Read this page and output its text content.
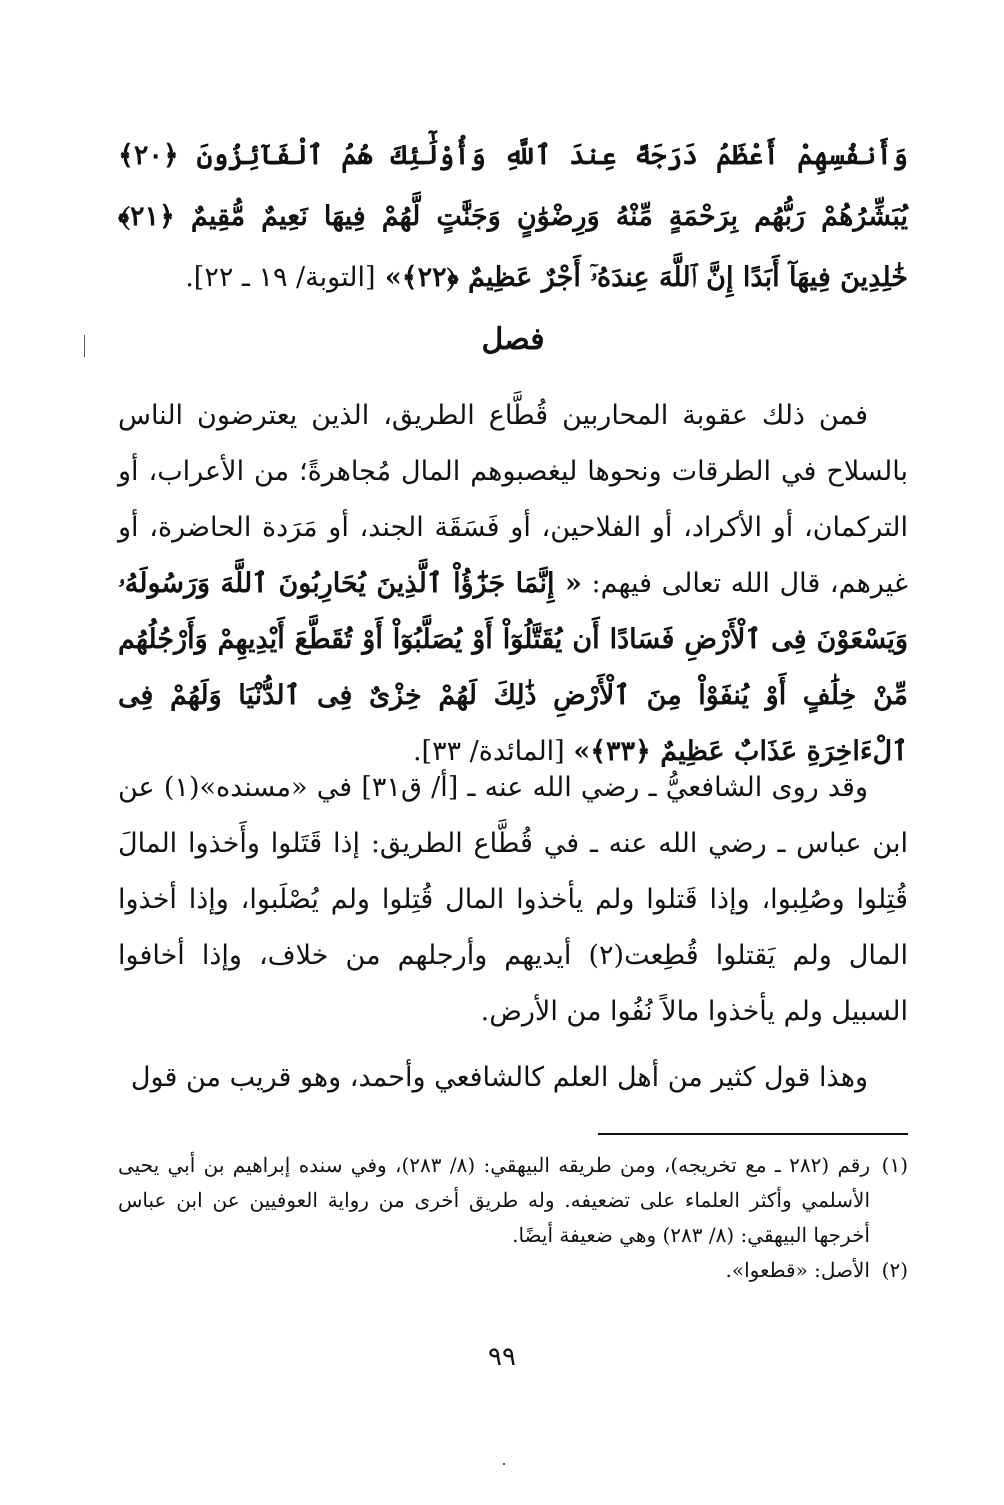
وَأَنفُسِهِمْ أَعْظَمُ دَرَجَةً عِندَ ٱللَّهِ وَأُوْلَٰٓئِكَ هُمُ ٱلْفَآئِزُونَ ﴿٢٠﴾ يُبَشِّرُهُمْ رَبُّهُم بِرَحْمَةٍ مِّنْهُ وَرِضْوَٰنٍ وَجَنَّٰتٍ لَّهُمْ فِيهَا نَعِيمٌ مُّقِيمٌ ﴿٢١﴾ خَٰلِدِينَ فِيهَآ أَبَدًا إِنَّ ٱللَّهَ عِندَهُۥٓ أَجْرٌ عَظِيمٌ ﴿٢٢﴾» [التوبة/ ١٩ ـ ٢٢].
فصل
فمن ذلك عقوبة المحاربين قُطَّاع الطريق، الذين يعترضون الناس بالسلاح في الطرقات ونحوها ليغصبوهم المال مُجاهرةً؛ من الأعراب، أو التركمان، أو الأكراد، أو الفلاحين، أو فَسَقَة الجند، أو مَرَدة الحاضرة، أو غيرهم، قال الله تعالى فيهم: « إِنَّمَا جَزَٰٓؤُاْ ٱلَّذِينَ يُحَارِبُونَ ٱللَّهَ وَرَسُولَهُۥ وَيَسْعَوْنَ فِى ٱلْأَرْضِ فَسَادًا أَن يُقَتَّلُوٓاْ أَوْ يُصَلَّبُوٓاْ أَوْ تُقَطَّعَ أَيْدِيهِمْ وَأَرْجُلُهُم مِّنْ خِلَٰفٍ أَوْ يُنفَوْاْ مِنَ ٱلْأَرْضِ ذَٰلِكَ لَهُمْ خِزْىٌ فِى ٱلدُّنْيَا وَلَهُمْ فِى ٱلْءَاخِرَةِ عَذَابٌ عَظِيمٌ ﴿٣٣﴾» [المائدة/ ٣٣].
وقد روى الشافعيُّ ـ رضي الله عنه ـ [أ/ ق٣١] في «مسنده»(١) عن ابن عباس ـ رضي الله عنه ـ في قُطَّاع الطريق: إذا قَتَلوا وأَخذوا المالَ قُتِلوا وصُلِبوا، وإذا قَتلوا ولم يأخذوا المال قُتِلوا ولم يُصْلَبوا، وإذا أخذوا المال ولم يَقتلوا قُطِعت(٢) أيديهم وأرجلهم من خلاف، وإذا أخافوا السبيل ولم يأخذوا مالاً نُفُوا من الأرض.
وهذا قول كثير من أهل العلم كالشافعي وأحمد، وهو قريب من قول
(١)
رقم (٢٨٢ ـ مع تخريجه)، ومن طريقه البيهقي: (٨/ ٢٨٣)، وفي سنده إبراهيم بن أبي يحيى الأسلمي وأكثر العلماء على تضعيفه. وله طريق أخرى من رواية العوفيين عن ابن عباس أخرجها البيهقي: (٨/ ٢٨٣) وهي ضعيفة أيضًا.
(٢)
الأصل: «قطعوا».
٩٩
